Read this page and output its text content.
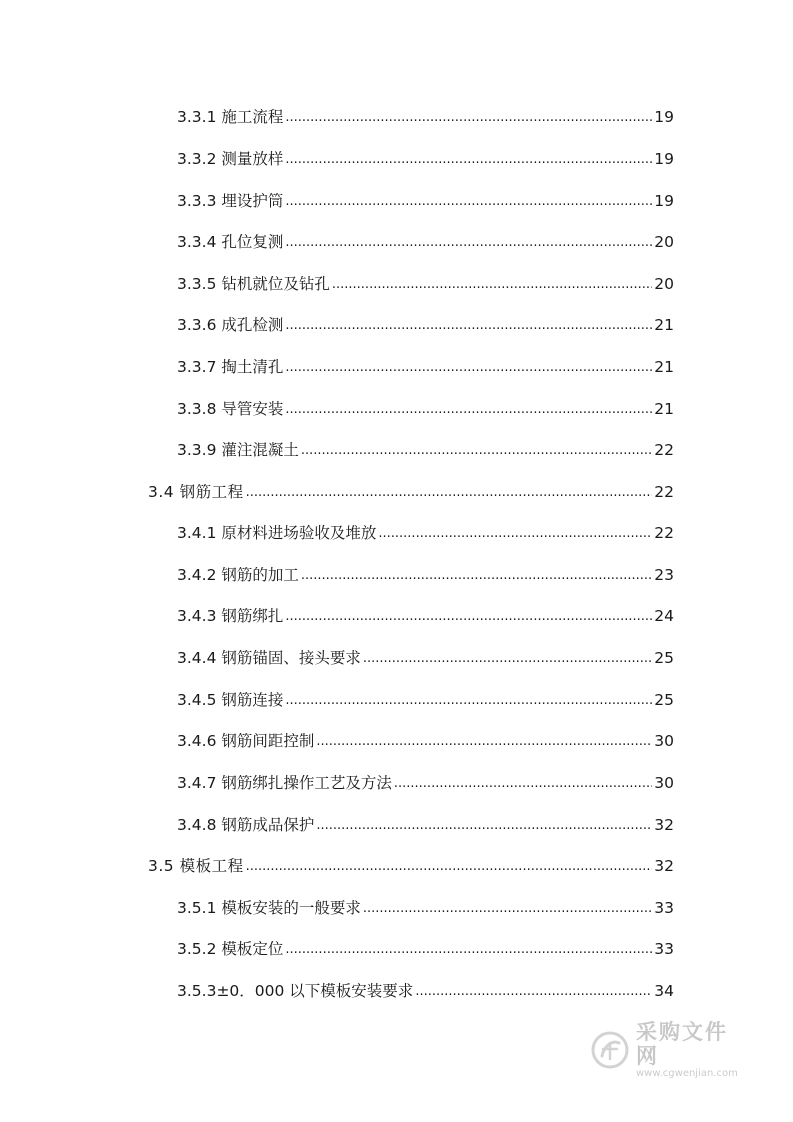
3.3.1 施工流程 .....	19
3.3.2 测量放样 .....	19
3.3.3 埋设护筒 .....	19
3.3.4 孔位复测 .....	20
3.3.5 钻机就位及钻孔 .....	20
3.3.6 成孔检测 .....	21
3.3.7 掏土清孔 .....	21
3.3.8 导管安装 .....	21
3.3.9 灌注混凝土 .....	22
3.4 钢筋工程 .....	22
3.4.1 原材料进场验收及堆放 .....	22
3.4.2 钢筋的加工 .....	23
3.4.3 钢筋绑扎 .....	24
3.4.4 钢筋锚固、接头要求 .....	25
3.4.5 钢筋连接 .....	25
3.4.6 钢筋间距控制 .....	30
3.4.7 钢筋绑扎操作工艺及方法 .....	30
3.4.8 钢筋成品保护 .....	32
3.5 模板工程 .....	32
3.5.1 模板安装的一般要求 .....	33
3.5.2 模板定位 .....	33
3.5.3±0．000 以下模板安装要求 .....	34
采购文件网
www.cgwenjian.com
